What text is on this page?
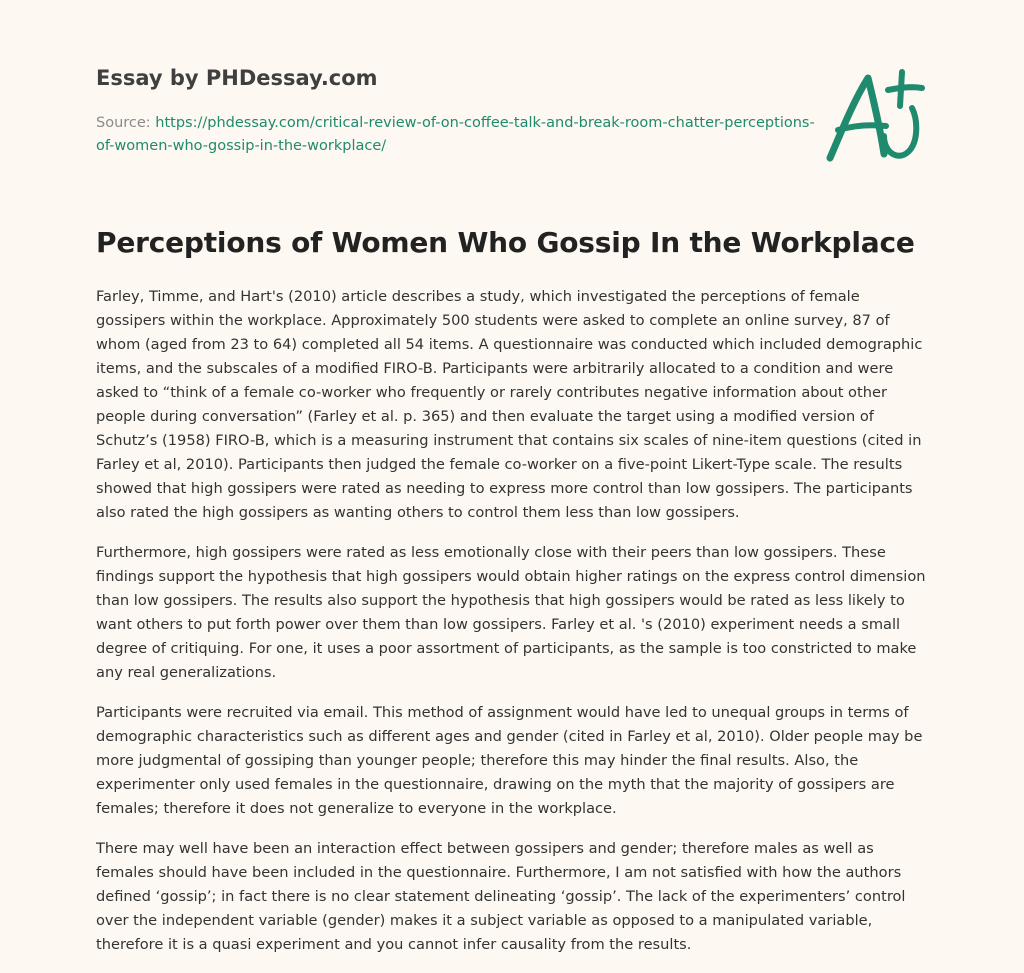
Essay by PHDessay.com
Source: https://phdessay.com/critical-review-of-on-coffee-talk-and-break-room-chatter-perceptions-of-women-who-gossip-in-the-workplace/
Perceptions of Women Who Gossip In the Workplace

Farley, Timme, and Hart's (2010) article describes a study, which investigated the perceptions of female gossipers within the workplace. Approximately 500 students were asked to complete an online survey, 87 of whom (aged from 23 to 64) completed all 54 items. A questionnaire was conducted which included demographic items, and the subscales of a modified FIRO-B. Participants were arbitrarily allocated to a condition and were asked to “think of a female co-worker who frequently or rarely contributes negative information about other people during conversation” (Farley et al. p. 365) and then evaluate the target using a modified version of Schutz’s (1958) FIRO-B, which is a measuring instrument that contains six scales of nine-item questions (cited in Farley et al, 2010). Participants then judged the female co-worker on a five-point Likert-Type scale. The results showed that high gossipers were rated as needing to express more control than low gossipers. The participants also rated the high gossipers as wanting others to control them less than low gossipers.

Furthermore, high gossipers were rated as less emotionally close with their peers than low gossipers. These findings support the hypothesis that high gossipers would obtain higher ratings on the express control dimension than low gossipers. The results also support the hypothesis that high gossipers would be rated as less likely to want others to put forth power over them than low gossipers. Farley et al. 's (2010) experiment needs a small degree of critiquing. For one, it uses a poor assortment of participants, as the sample is too constricted to make any real generalizations.

Participants were recruited via email. This method of assignment would have led to unequal groups in terms of demographic characteristics such as different ages and gender (cited in Farley et al, 2010). Older people may be more judgmental of gossiping than younger people; therefore this may hinder the final results. Also, the experimenter only used females in the questionnaire, drawing on the myth that the majority of gossipers are females; therefore it does not generalize to everyone in the workplace.

There may well have been an interaction effect between gossipers and gender; therefore males as well as females should have been included in the questionnaire. Furthermore, I am not satisfied with how the authors defined ‘gossip’; in fact there is no clear statement delineating ‘gossip’. The lack of the experimenters’ control over the independent variable (gender) makes it a subject variable as opposed to a manipulated variable, therefore it is a quasi experiment and you cannot infer causality from the results.
